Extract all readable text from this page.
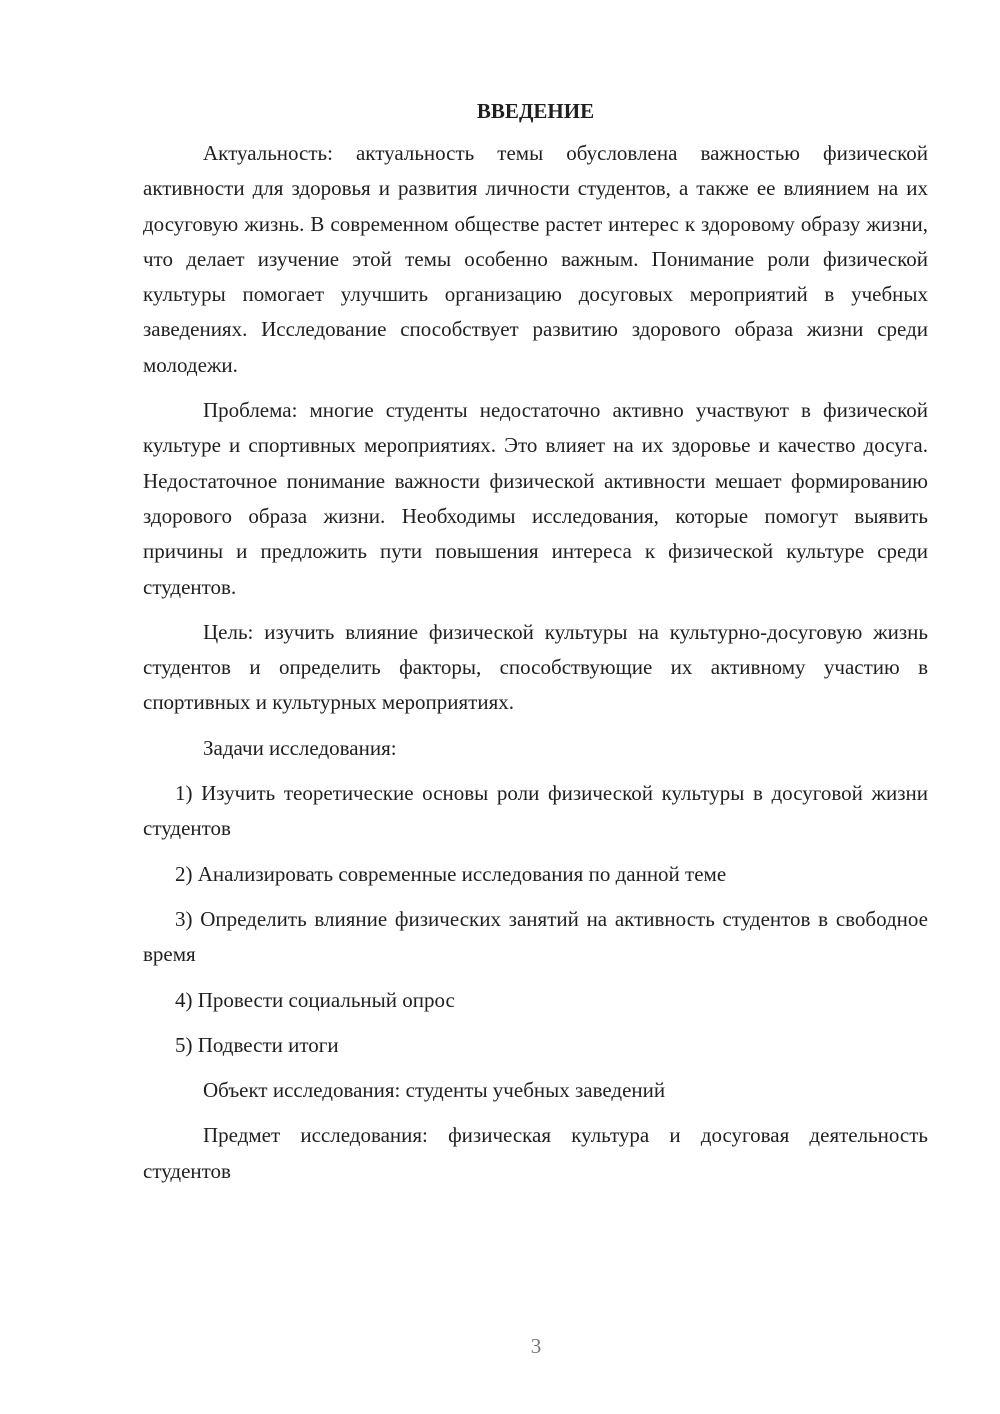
ВВЕДЕНИЕ

Актуальность: актуальность темы обусловлена важностью физической активности для здоровья и развития личности студентов, а также ее влиянием на их досуговую жизнь. В современном обществе растет интерес к здоровому образу жизни, что делает изучение этой темы особенно важным. Понимание роли физической культуры помогает улучшить организацию досуговых мероприятий в учебных заведениях. Исследование способствует развитию здорового образа жизни среди молодежи.

Проблема: многие студенты недостаточно активно участвуют в физической культуре и спортивных мероприятиях. Это влияет на их здоровье и качество досуга. Недостаточное понимание важности физической активности мешает формированию здорового образа жизни. Необходимы исследования, которые помогут выявить причины и предложить пути повышения интереса к физической культуре среди студентов.

Цель: изучить влияние физической культуры на культурно-досуговую жизнь студентов и определить факторы, способствующие их активному участию в спортивных и культурных мероприятиях.

Задачи исследования:

1) Изучить теоретические основы роли физической культуры в досуговой жизни студентов

2) Анализировать современные исследования по данной теме

3) Определить влияние физических занятий на активность студентов в свободное время

4) Провести социальный опрос

5) Подвести итоги

Объект исследования: студенты учебных заведений

Предмет исследования: физическая культура и досуговая деятельность студентов

3
